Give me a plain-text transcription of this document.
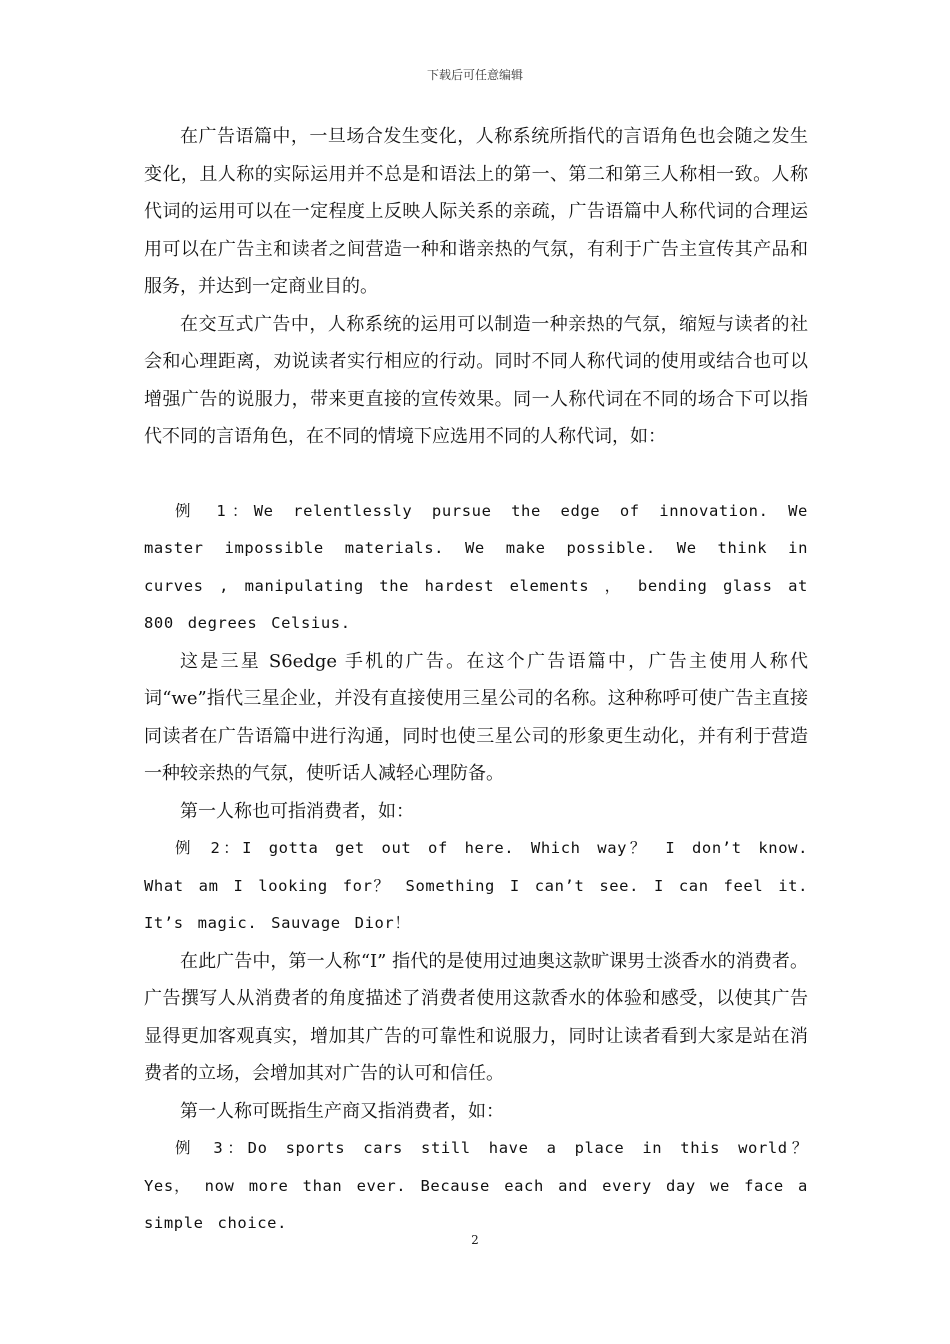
下载后可任意编辑

在广告语篇中，一旦场合发生变化，人称系统所指代的言语角色也会随之发生变化，且人称的实际运用并不总是和语法上的第一、第二和第三人称相一致。人称代词的运用可以在一定程度上反映人际关系的亲疏，广告语篇中人称代词的合理运用可以在广告主和读者之间营造一种和谐亲热的气氛，有利于广告主宣传其产品和服务，并达到一定商业目的。

在交互式广告中，人称系统的运用可以制造一种亲热的气氛，缩短与读者的社会和心理距离，劝说读者实行相应的行动。同时不同人称代词的使用或结合也可以增强广告的说服力，带来更直接的宣传效果。同一人称代词在不同的场合下可以指代不同的言语角色，在不同的情境下应选用不同的人称代词，如：

例 1：We relentlessly pursue the edge of innovation. We master impossible materials. We make possible. We think in curves , manipulating the hardest elements ， bending glass at 800 degrees Celsius.

这是三星 S6edge 手机的广告。在这个广告语篇中，广告主使用人称代词“we”指代三星企业，并没有直接使用三星公司的名称。这种称呼可使广告主直接同读者在广告语篇中进行沟通，同时也使三星公司的形象更生动化，并有利于营造一种较亲热的气氛，使听话人减轻心理防备。

第一人称也可指消费者，如：

例 2：I gotta get out of here. Which way？ I don’t know. What am I looking for？ Something I can’t see. I can feel it. It’s magic. Sauvage Dior！

在此广告中，第一人称“I” 指代的是使用过迪奥这款旷课男士淡香水的消费者。广告撰写人从消费者的角度描述了消费者使用这款香水的体验和感受，以使其广告显得更加客观真实，增加其广告的可靠性和说服力，同时让读者看到大家是站在消费者的立场，会增加其对广告的认可和信任。

第一人称可既指生产商又指消费者，如：

例 3：Do sports cars still have a place in this world？ Yes， now more than ever. Because each and every day we face a simple choice.

2
